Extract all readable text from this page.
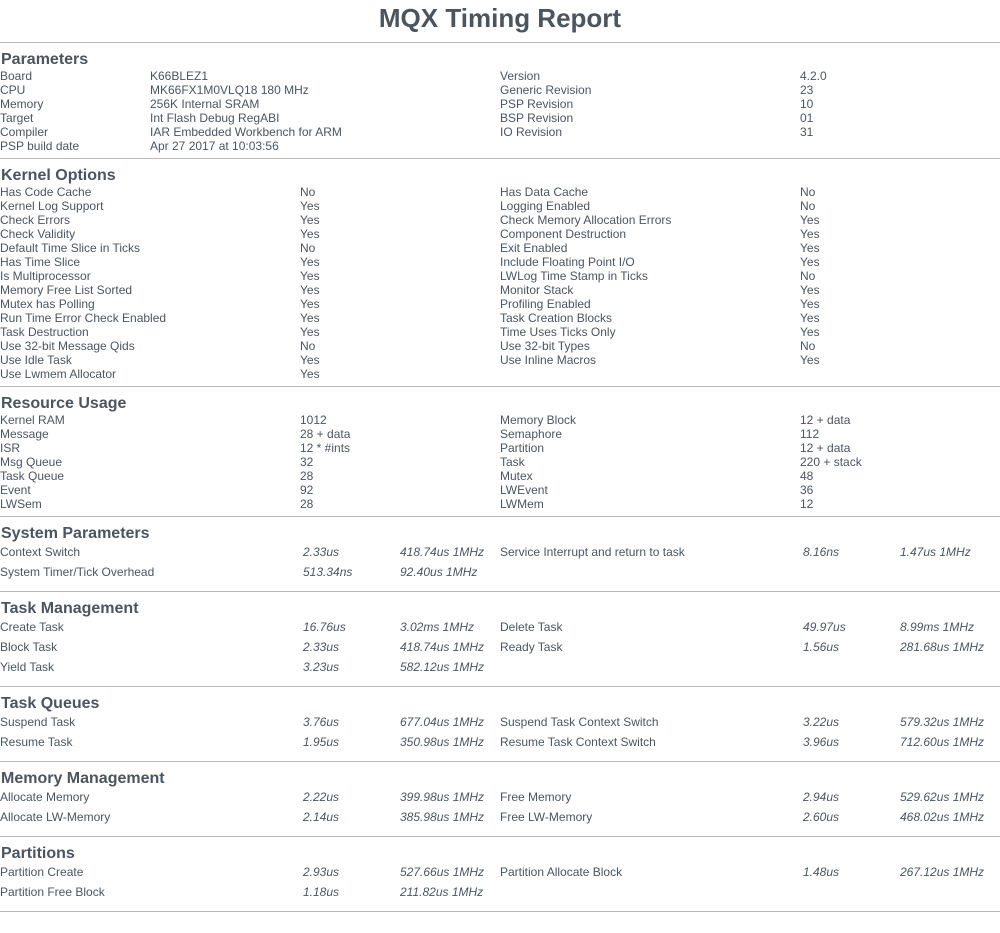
MQX Timing Report
Parameters
Board	K66BLEZ1	Version	4.2.0
CPU	MK66FX1M0VLQ18 180 MHz	Generic Revision	23
Memory	256K Internal SRAM	PSP Revision	10
Target	Int Flash Debug RegABI	BSP Revision	01
Compiler	IAR Embedded Workbench for ARM	IO Revision	31
PSP build date	Apr 27 2017 at 10:03:56		
Kernel Options
Has Code Cache	No	Has Data Cache	No
Kernel Log Support	Yes	Logging Enabled	No
Check Errors	Yes	Check Memory Allocation Errors	Yes
Check Validity	Yes	Component Destruction	Yes
Default Time Slice in Ticks	No	Exit Enabled	Yes
Has Time Slice	Yes	Include Floating Point I/O	Yes
Is Multiprocessor	Yes	LWLog Time Stamp in Ticks	No
Memory Free List Sorted	Yes	Monitor Stack	Yes
Mutex has Polling	Yes	Profiling Enabled	Yes
Run Time Error Check Enabled	Yes	Task Creation Blocks	Yes
Task Destruction	Yes	Time Uses Ticks Only	Yes
Use 32-bit Message Qids	No	Use 32-bit Types	No
Use Idle Task	Yes	Use Inline Macros	Yes
Use Lwmem Allocator	Yes		
Resource Usage
Kernel RAM	1012	Memory Block	12 + data
Message	28 + data	Semaphore	112
ISR	12 * #ints	Partition	12 + data
Msg Queue	32	Task	220 + stack
Task Queue	28	Mutex	48
Event	92	LWEvent	36
LWSem	28	LWMem	12
System Parameters
Context Switch	2.33us	418.74us 1MHz	Service Interrupt and return to task	8.16ns	1.47us 1MHz
System Timer/Tick Overhead	513.34ns	92.40us 1MHz			
Task Management
Create Task	16.76us	3.02ms 1MHz	Delete Task	49.97us	8.99ms 1MHz
Block Task	2.33us	418.74us 1MHz	Ready Task	1.56us	281.68us 1MHz
Yield Task	3.23us	582.12us 1MHz			
Task Queues
Suspend Task	3.76us	677.04us 1MHz	Suspend Task Context Switch	3.22us	579.32us 1MHz
Resume Task	1.95us	350.98us 1MHz	Resume Task Context Switch	3.96us	712.60us 1MHz
Memory Management
Allocate Memory	2.22us	399.98us 1MHz	Free Memory	2.94us	529.62us 1MHz
Allocate LW-Memory	2.14us	385.98us 1MHz	Free LW-Memory	2.60us	468.02us 1MHz
Partitions
Partition Create	2.93us	527.66us 1MHz	Partition Allocate Block	1.48us	267.12us 1MHz
Partition Free Block	1.18us	211.82us 1MHz			
